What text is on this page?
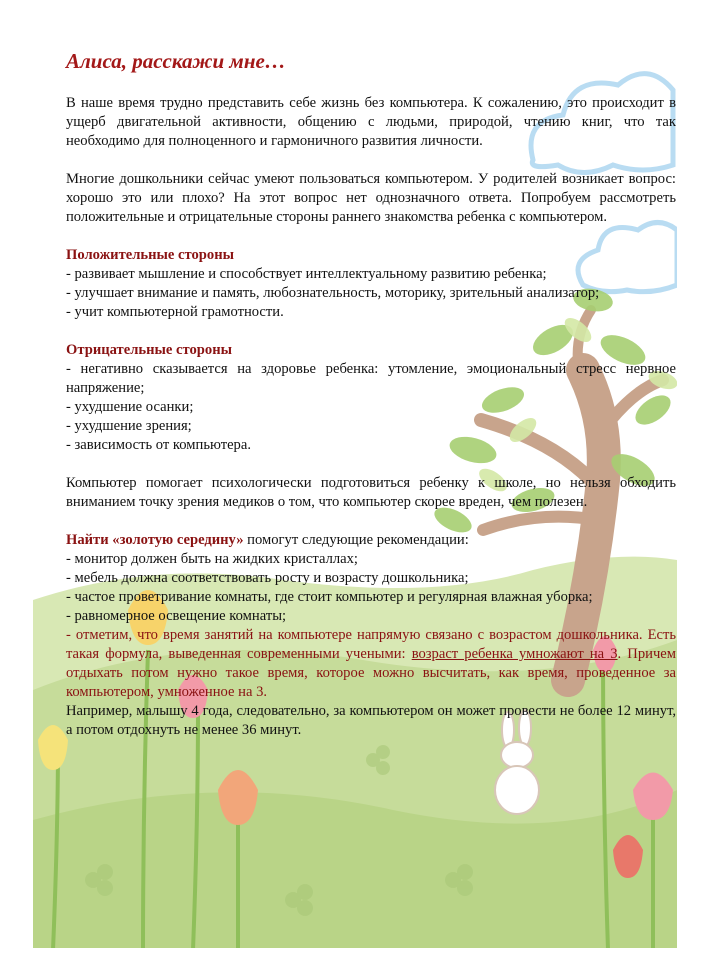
Алиса, расскажи мне…

В наше время трудно представить себе жизнь без компьютера. К сожалению, это происходит в ущерб двигательной активности, общению с людьми, природой, чтению книг, что так необходимо для полноценного и гармоничного развития личности.

Многие дошкольники сейчас умеют пользоваться компьютером. У родителей возникает вопрос: хорошо это или плохо? На этот вопрос нет однозначного ответа. Попробуем рассмотреть положительные и отрицательные стороны раннего знакомства ребенка с компьютером.

Положительные стороны

- развивает мышление и способствует интеллектуальному развитию ребенка;

- улучшает внимание и память, любознательность, моторику, зрительный анализатор;

- учит компьютерной грамотности.

Отрицательные стороны

- негативно сказывается на здоровье ребенка: утомление, эмоциональный стресс нервное напряжение;

- ухудшение осанки;

- ухудшение зрения;

- зависимость от компьютера.

Компьютер помогает психологически подготовиться ребенку к школе, но нельзя обходить вниманием точку зрения медиков о том, что компьютер скорее вреден, чем полезен.

Найти «золотую середину» помогут следующие рекомендации:

- монитор должен быть на жидких кристаллах;

- мебель должна соответствовать росту и возрасту дошкольника;

- частое проветривание комнаты, где стоит компьютер и регулярная влажная уборка;

- равномерное освещение комнаты;

- отметим, что время занятий на компьютере напрямую связано с возрастом дошкольника. Есть такая формула, выведенная современными учеными: возраст ребенка умножают на 3. Причем отдыхать потом нужно такое время, которое можно высчитать, как время, проведенное за компьютером, умноженное на 3.

Например, малышу 4 года, следовательно, за компьютером он может провести не более 12 минут, а потом отдохнуть не менее 36 минут.
